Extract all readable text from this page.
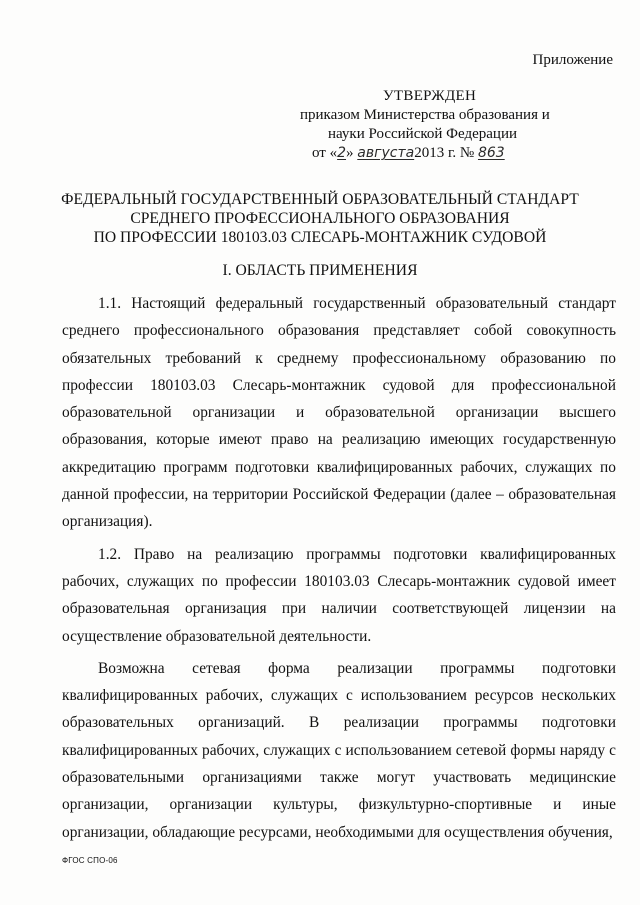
Приложение
УТВЕРЖДЕН
приказом Министерства образования и
науки Российской Федерации
от «2» августа2013 г. № 863
ФЕДЕРАЛЬНЫЙ ГОСУДАРСТВЕННЫЙ ОБРАЗОВАТЕЛЬНЫЙ СТАНДАРТ
СРЕДНЕГО ПРОФЕССИОНАЛЬНОГО ОБРАЗОВАНИЯ
ПО ПРОФЕССИИ 180103.03 СЛЕСАРЬ-МОНТАЖНИК СУДОВОЙ
I. ОБЛАСТЬ ПРИМЕНЕНИЯ

1.1. Настоящий федеральный государственный образовательный стандарт среднего профессионального образования представляет собой совокупность обязательных требований к среднему профессиональному образованию по профессии 180103.03 Слесарь-монтажник судовой для профессиональной образовательной организации и образовательной организации высшего образования, которые имеют право на реализацию имеющих государственную аккредитацию программ подготовки квалифицированных рабочих, служащих по данной профессии, на территории Российской Федерации (далее – образовательная организация).

1.2. Право на реализацию программы подготовки квалифицированных рабочих, служащих по профессии 180103.03 Слесарь-монтажник судовой имеет образовательная организация при наличии соответствующей лицензии на осуществление образовательной деятельности.

Возможна сетевая форма реализации программы подготовки квалифицированных рабочих, служащих с использованием ресурсов нескольких образовательных организаций. В реализации программы подготовки квалифицированных рабочих, служащих с использованием сетевой формы наряду с образовательными организациями также могут участвовать медицинские организации, организации культуры, физкультурно-спортивные и иные организации, обладающие ресурсами, необходимыми для осуществления обучения,

ФГОС СПО-06
